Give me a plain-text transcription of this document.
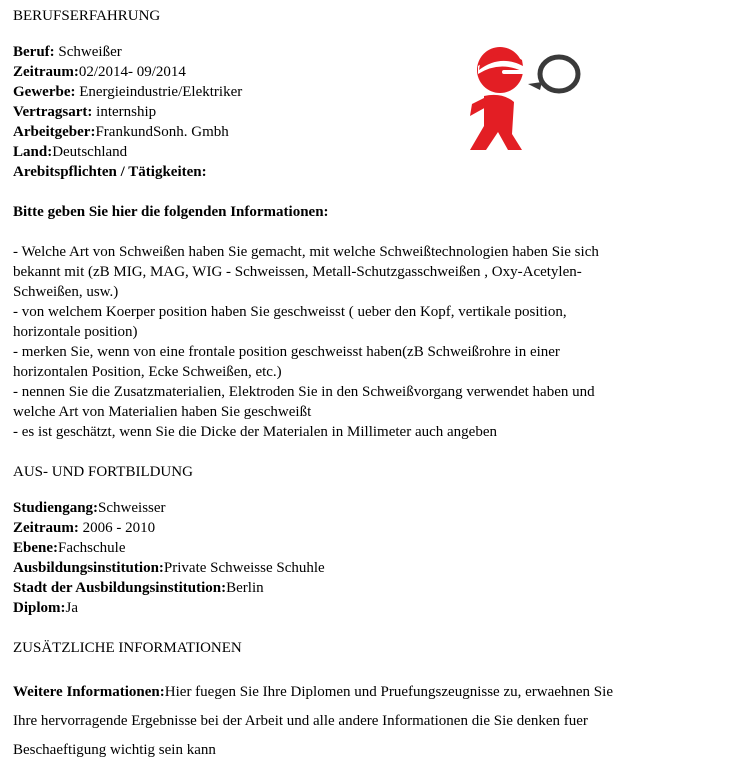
BERUFSERFAHRUNG
Beruf: Schweißer
Zeitraum:02/2014- 09/2014
Gewerbe: Energieindustrie/Elektriker
Vertragsart: internship
Arbeitgeber:FrankundSonh. Gmbh
Land:Deutschland
Arebitspflichten / Tätigkeiten:
Bitte geben Sie hier die folgenden Informationen:
- Welche Art von Schweißen haben Sie gemacht, mit welche Schweißtechnologien haben Sie sich
bekannt mit (zB MIG, MAG, WIG - Schweissen, Metall-Schutzgasschweißen , Oxy-Acetylen-
Schweißen, usw.)
- von welchem Koerper position haben Sie geschweisst ( ueber den Kopf, vertikale position,
horizontale position)
- merken Sie, wenn von eine frontale position geschweisst haben(zB Schweißrohre in einer
horizontalen Position, Ecke Schweißen, etc.)
- nennen Sie die Zusatzmaterialien, Elektroden Sie in den Schweißvorgang verwendet haben und
welche Art von Materialien haben Sie geschweißt
- es ist geschätzt, wenn Sie die Dicke der Materialen in Millimeter auch angeben
AUS- UND FORTBILDUNG
Studiengang:Schweisser
Zeitraum: 2006 - 2010
Ebene:Fachschule
Ausbildungsinstitution:Private Schweisse Schuhle
Stadt der Ausbildungsinstitution:Berlin
Diplom:Ja
ZUSÄTZLICHE INFORMATIONEN
Weitere Informationen:Hier fuegen Sie Ihre Diplomen und Pruefungszeugnisse zu, erwaehnen Sie
Ihre hervorragende Ergebnisse bei der Arbeit und alle andere Informationen die Sie denken fuer
Beschaeftigung wichtig sein kann
